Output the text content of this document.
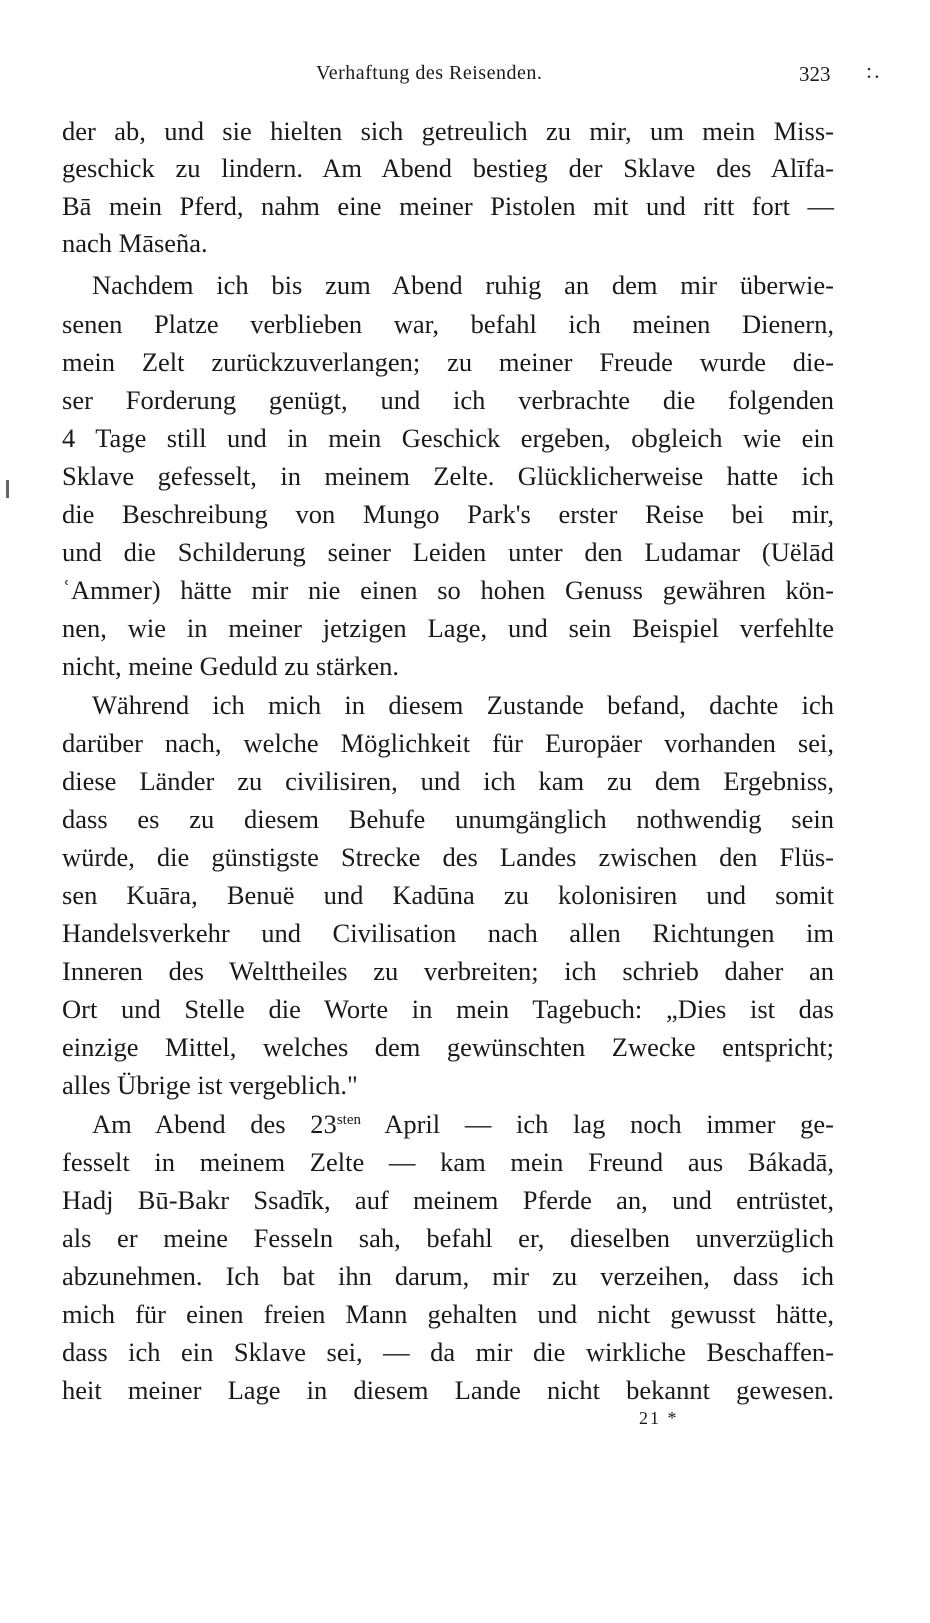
Verhaftung des Reisenden.	323 :.
der ab, und sie hielten sich getreulich zu mir, um mein Miss-
geschick zu lindern. Am Abend bestieg der Sklave des Alīfa-
Bā mein Pferd, nahm eine meiner Pistolen mit und ritt fort —
nach Māseña.
Nachdem ich bis zum Abend ruhig an dem mir überwie-
senen Platze verblieben war, befahl ich meinen Dienern,
mein Zelt zurückzuverlangen; zu meiner Freude wurde die-
ser Forderung genügt, und ich verbrachte die folgenden
4 Tage still und in mein Geschick ergeben, obgleich wie ein
Sklave gefesselt, in meinem Zelte. Glücklicherweise hatte ich
die Beschreibung von Mungo Park's erster Reise bei mir,
und die Schilderung seiner Leiden unter den Ludamar (Uëlād
ʿAmmer) hätte mir nie einen so hohen Genuss gewähren kön-
nen, wie in meiner jetzigen Lage, und sein Beispiel verfehlte
nicht, meine Geduld zu stärken.
Während ich mich in diesem Zustande befand, dachte ich
darüber nach, welche Möglichkeit für Europäer vorhanden sei,
diese Länder zu civilisiren, und ich kam zu dem Ergebniss,
dass es zu diesem Behufe unumgänglich nothwendig sein
würde, die günstigste Strecke des Landes zwischen den Flüs-
sen Kuāra, Benuë und Kadūna zu kolonisiren und somit
Handelsverkehr und Civilisation nach allen Richtungen im
Inneren des Welttheiles zu verbreiten; ich schrieb daher an
Ort und Stelle die Worte in mein Tagebuch: „Dies ist das
einzige Mittel, welches dem gewünschten Zwecke entspricht;
alles Übrige ist vergeblich."
Am Abend des $23^{sten}$ April — ich lag noch immer ge-
fesselt in meinem Zelte — kam mein Freund aus Bákadā,
Hadj Bū-Bakr Ssadīk, auf meinem Pferde an, und entrüstet,
als er meine Fesseln sah, befahl er, dieselben unverzüglich
abzunehmen. Ich bat ihn darum, mir zu verzeihen, dass ich
mich für einen freien Mann gehalten und nicht gewusst hätte,
dass ich ein Sklave sei, — da mir die wirkliche Beschaffen-
heit meiner Lage in diesem Lande nicht bekannt gewesen.
21 *
